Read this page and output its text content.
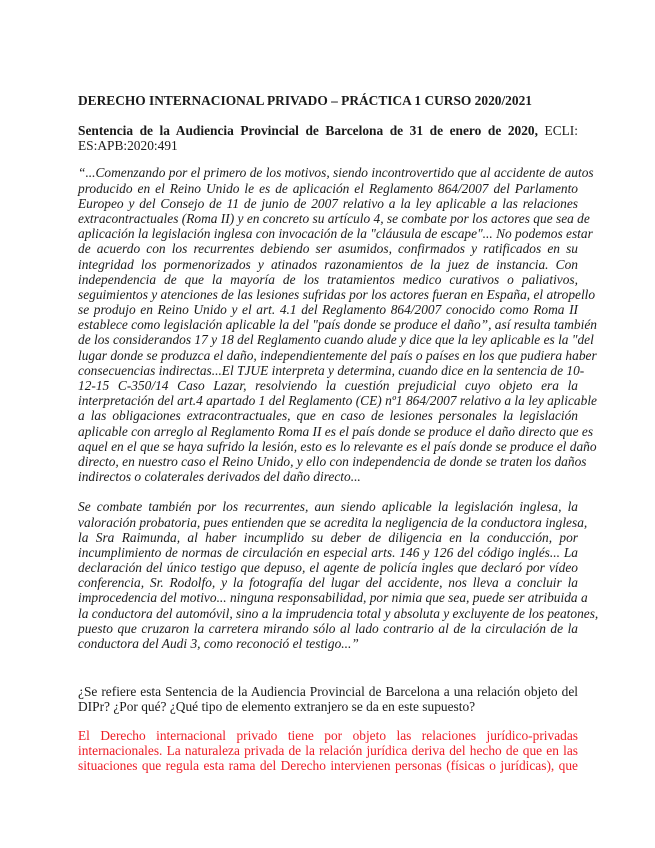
DERECHO INTERNACIONAL PRIVADO – PRÁCTICA 1 CURSO 2020/2021
Sentencia de la Audiencia Provincial de Barcelona de 31 de enero de 2020, ECLI:
ES:APB:2020:491
“...Comenzando por el primero de los motivos, siendo incontrovertido que al accidente de autos
producido en el Reino Unido le es de aplicación el Reglamento 864/2007 del Parlamento
Europeo y del Consejo de 11 de junio de 2007 relativo a la ley aplicable a las relaciones
extracontractuales (Roma II) y en concreto su artículo 4, se combate por los actores que sea de
aplicación la legislación inglesa con invocación de la "cláusula de escape"... No podemos estar
de acuerdo con los recurrentes debiendo ser asumidos, confirmados y ratificados en su
integridad los pormenorizados y atinados razonamientos de la juez de instancia. Con
independencia de que la mayoría de los tratamientos medico curativos o paliativos,
seguimientos y atenciones de las lesiones sufridas por los actores fueran en España, el atropello
se produjo en Reino Unido y el art. 4.1 del Reglamento 864/2007 conocido como Roma II
establece como legislación aplicable la del "país donde se produce el daño”, así resulta también
de los considerandos 17 y 18 del Reglamento cuando alude y dice que la ley aplicable es la "del
lugar donde se produzca el daño, independientemente del país o países en los que pudiera haber
consecuencias indirectas...El TJUE interpreta y determina, cuando dice en la sentencia de 10-
12-15 C-350/14 Caso Lazar, resolviendo la cuestión prejudicial cuyo objeto era la
interpretación del art.4 apartado 1 del Reglamento (CE) nº1 864/2007 relativo a la ley aplicable
a las obligaciones extracontractuales, que en caso de lesiones personales la legislación
aplicable con arreglo al Reglamento Roma II es el país donde se produce el daño directo que es
aquel en el que se haya sufrido la lesión, esto es lo relevante es el país donde se produce el daño
directo, en nuestro caso el Reino Unido, y ello con independencia de donde se traten los daños
indirectos o colaterales derivados del daño directo...
Se combate también por los recurrentes, aun siendo aplicable la legislación inglesa, la
valoración probatoria, pues entienden que se acredita la negligencia de la conductora inglesa,
la Sra Raimunda, al haber incumplido su deber de diligencia en la conducción, por
incumplimiento de normas de circulación en especial arts. 146 y 126 del código inglés... La
declaración del único testigo que depuso, el agente de policía ingles que declaró por vídeo
conferencia, Sr. Rodolfo, y la fotografía del lugar del accidente, nos lleva a concluir la
improcedencia del motivo... ninguna responsabilidad, por nimia que sea, puede ser atribuida a
la conductora del automóvil, sino a la imprudencia total y absoluta y excluyente de los peatones,
puesto que cruzaron la carretera mirando sólo al lado contrario al de la circulación de la
conductora del Audi 3, como reconoció el testigo...”
¿Se refiere esta Sentencia de la Audiencia Provincial de Barcelona a una relación objeto del
DIPr? ¿Por qué? ¿Qué tipo de elemento extranjero se da en este supuesto?
El Derecho internacional privado tiene por objeto las relaciones jurídico-privadas
internacionales. La naturaleza privada de la relación jurídica deriva del hecho de que en las
situaciones que regula esta rama del Derecho intervienen personas (físicas o jurídicas), que
